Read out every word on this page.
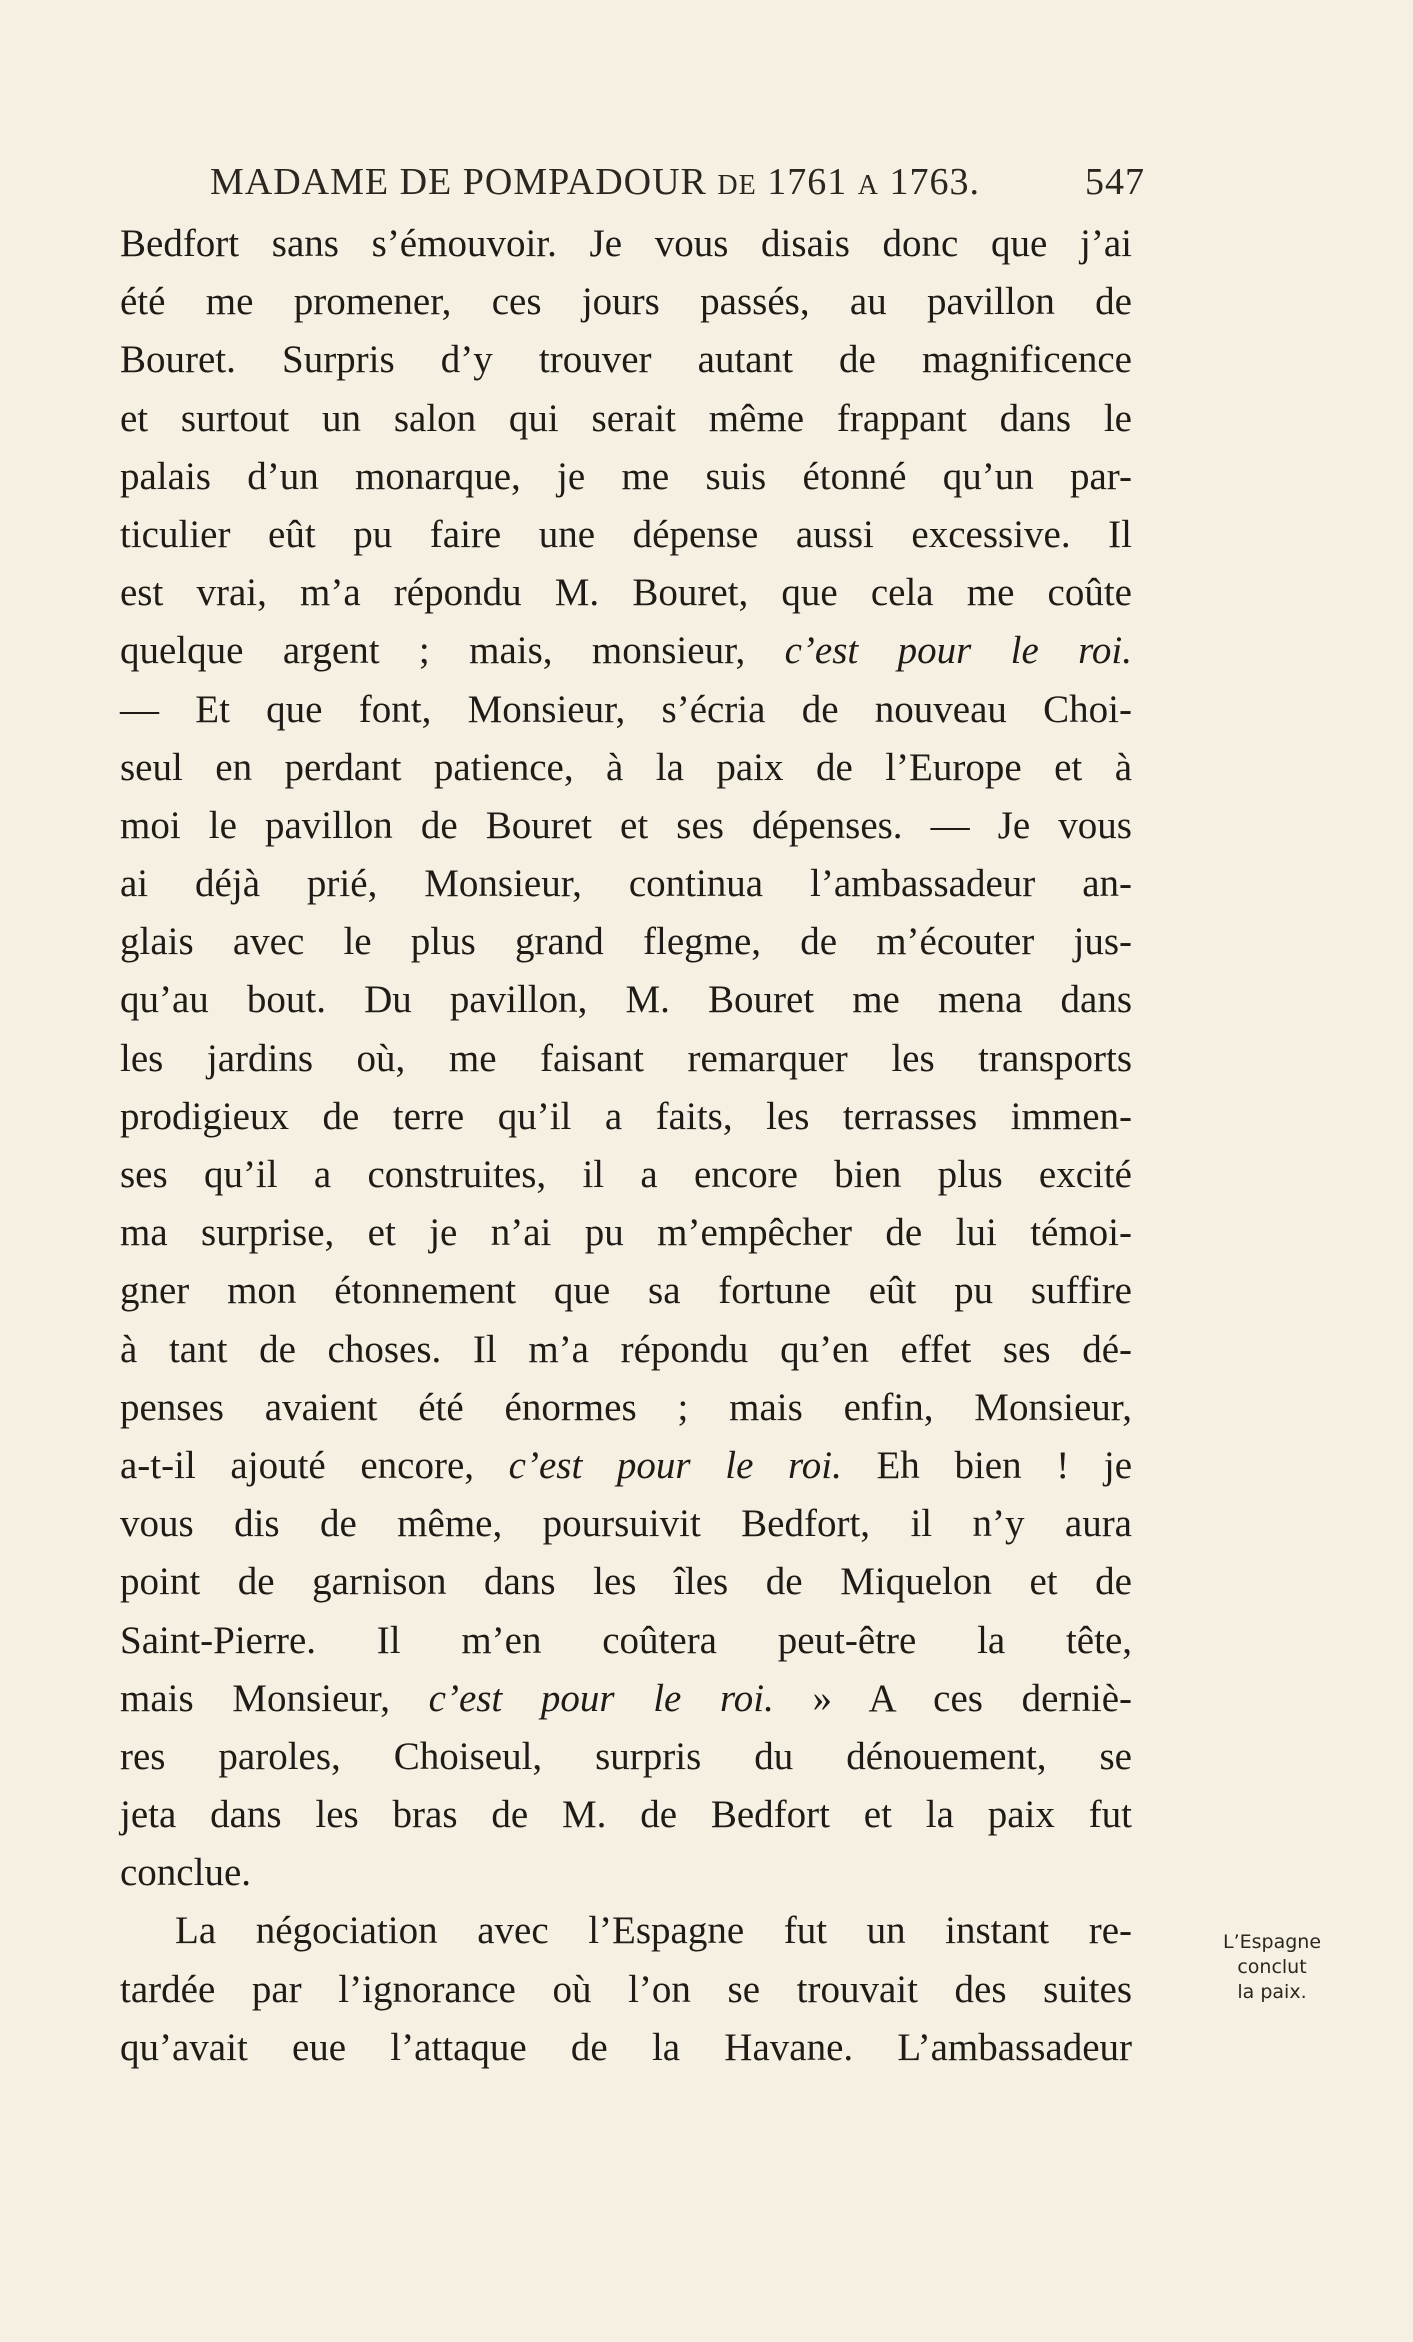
MADAME DE POMPADOUR DE 1761 A 1763.	547
Bedfort sans s’émouvoir. Je vous disais donc que j’ai
été me promener, ces jours passés, au pavillon de
Bouret. Surpris d’y trouver autant de magnificence
et surtout un salon qui serait même frappant dans le
palais d’un monarque, je me suis étonné qu’un par-
ticulier eût pu faire une dépense aussi excessive. Il
est vrai, m’a répondu M. Bouret, que cela me coûte
quelque argent ; mais, monsieur, c’est pour le roi.
— Et que font, Monsieur, s’écria de nouveau Choi-
seul en perdant patience, à la paix de l’Europe et à
moi le pavillon de Bouret et ses dépenses. — Je vous
ai déjà prié, Monsieur, continua l’ambassadeur an-
glais avec le plus grand flegme, de m’écouter jus-
qu’au bout. Du pavillon, M. Bouret me mena dans
les jardins où, me faisant remarquer les transports
prodigieux de terre qu’il a faits, les terrasses immen-
ses qu’il a construites, il a encore bien plus excité
ma surprise, et je n’ai pu m’empêcher de lui témoi-
gner mon étonnement que sa fortune eût pu suffire
à tant de choses. Il m’a répondu qu’en effet ses dé-
penses avaient été énormes ; mais enfin, Monsieur,
a-t-il ajouté encore, c’est pour le roi. Eh bien ! je
vous dis de même, poursuivit Bedfort, il n’y aura
point de garnison dans les îles de Miquelon et de
Saint-Pierre. Il m’en coûtera peut-être la tête,
mais Monsieur, c’est pour le roi. » A ces derniè-
res paroles, Choiseul, surpris du dénouement, se
jeta dans les bras de M. de Bedfort et la paix fut
conclue.
La négociation avec l’Espagne fut un instant re-
tardée par l’ignorance où l’on se trouvait des suites
qu’avait eue l’attaque de la Havane. L’ambassadeur
L’Espagne
conclut
la paix.
